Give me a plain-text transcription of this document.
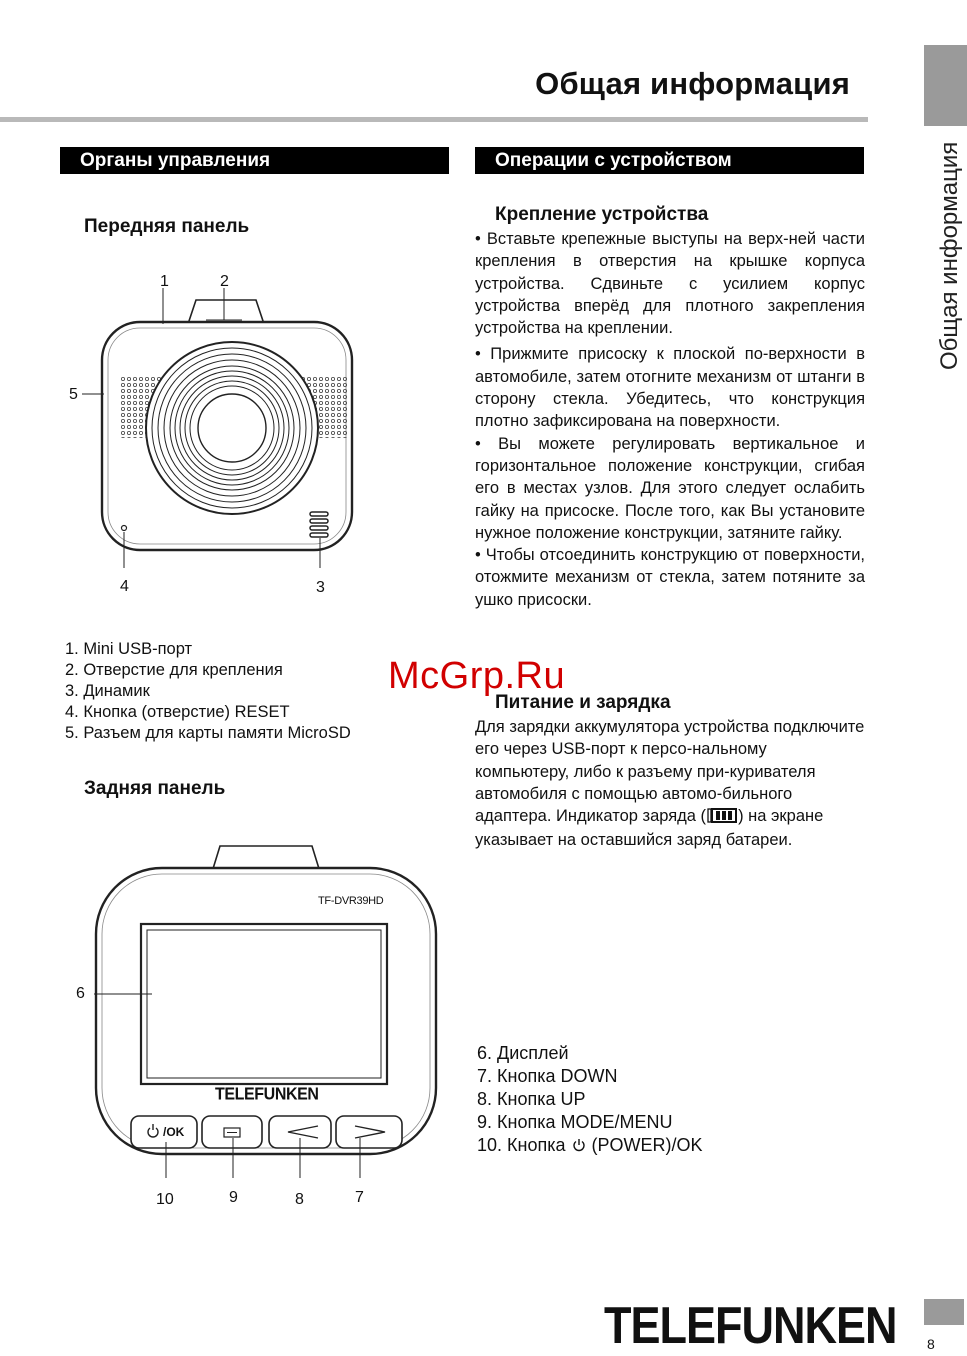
Общая информация
Общая информация
Органы управления
Передняя панель
1	2
3
4
5
1. Mini USB-порт
2. Отверстие для крепления
3. Динамик
4. Кнопка (отверстие) RESET
5. Разъем для карты памяти MicroSD
Задняя панель
TF-DVR39HD
TELEFUNKEN
/OK
6
10	9	8	7
Операции с устройством
Крепление устройства

• Вставьте крепежные выступы на верх-ней части крепления в отверстия на крышке корпуса устройства. Сдвиньте с усилием корпус устройства вперёд для плотного закрепления устройства на креплении.

• Прижмите присоску к плоской по-верхности в автомобиле, затем отогните механизм от штанги в сторону стекла. Убедитесь, что конструкция плотно зафиксирована на поверхности.

• Вы можете регулировать вертикальное и горизонтальное положение конструкции, сгибая его в местах узлов. Для этого следует ослабить гайку на присоске. После того, как Вы установите нужное положение конструкции, затяните гайку.

• Чтобы отсоединить конструкцию от поверхности, отожмите механизм от стекла, затем потяните за ушко присоски.

Питание и зарядка
Для зарядки аккумулятора устройства подключите его через USB-порт к персо-нальному компьютеру, либо к разъему при-куривателя автомобиля с помощью автомо-бильного адаптера. Индикатор заряда ( ) на экране указывает на оставшийся заряд батареи.
6. Дисплей
7. Кнопка DOWN
8. Кнопка UP
9. Кнопка MODE/MENU
10. Кнопка (POWER)/OK
McGrp.Ru
TELEFUNKEN 8
